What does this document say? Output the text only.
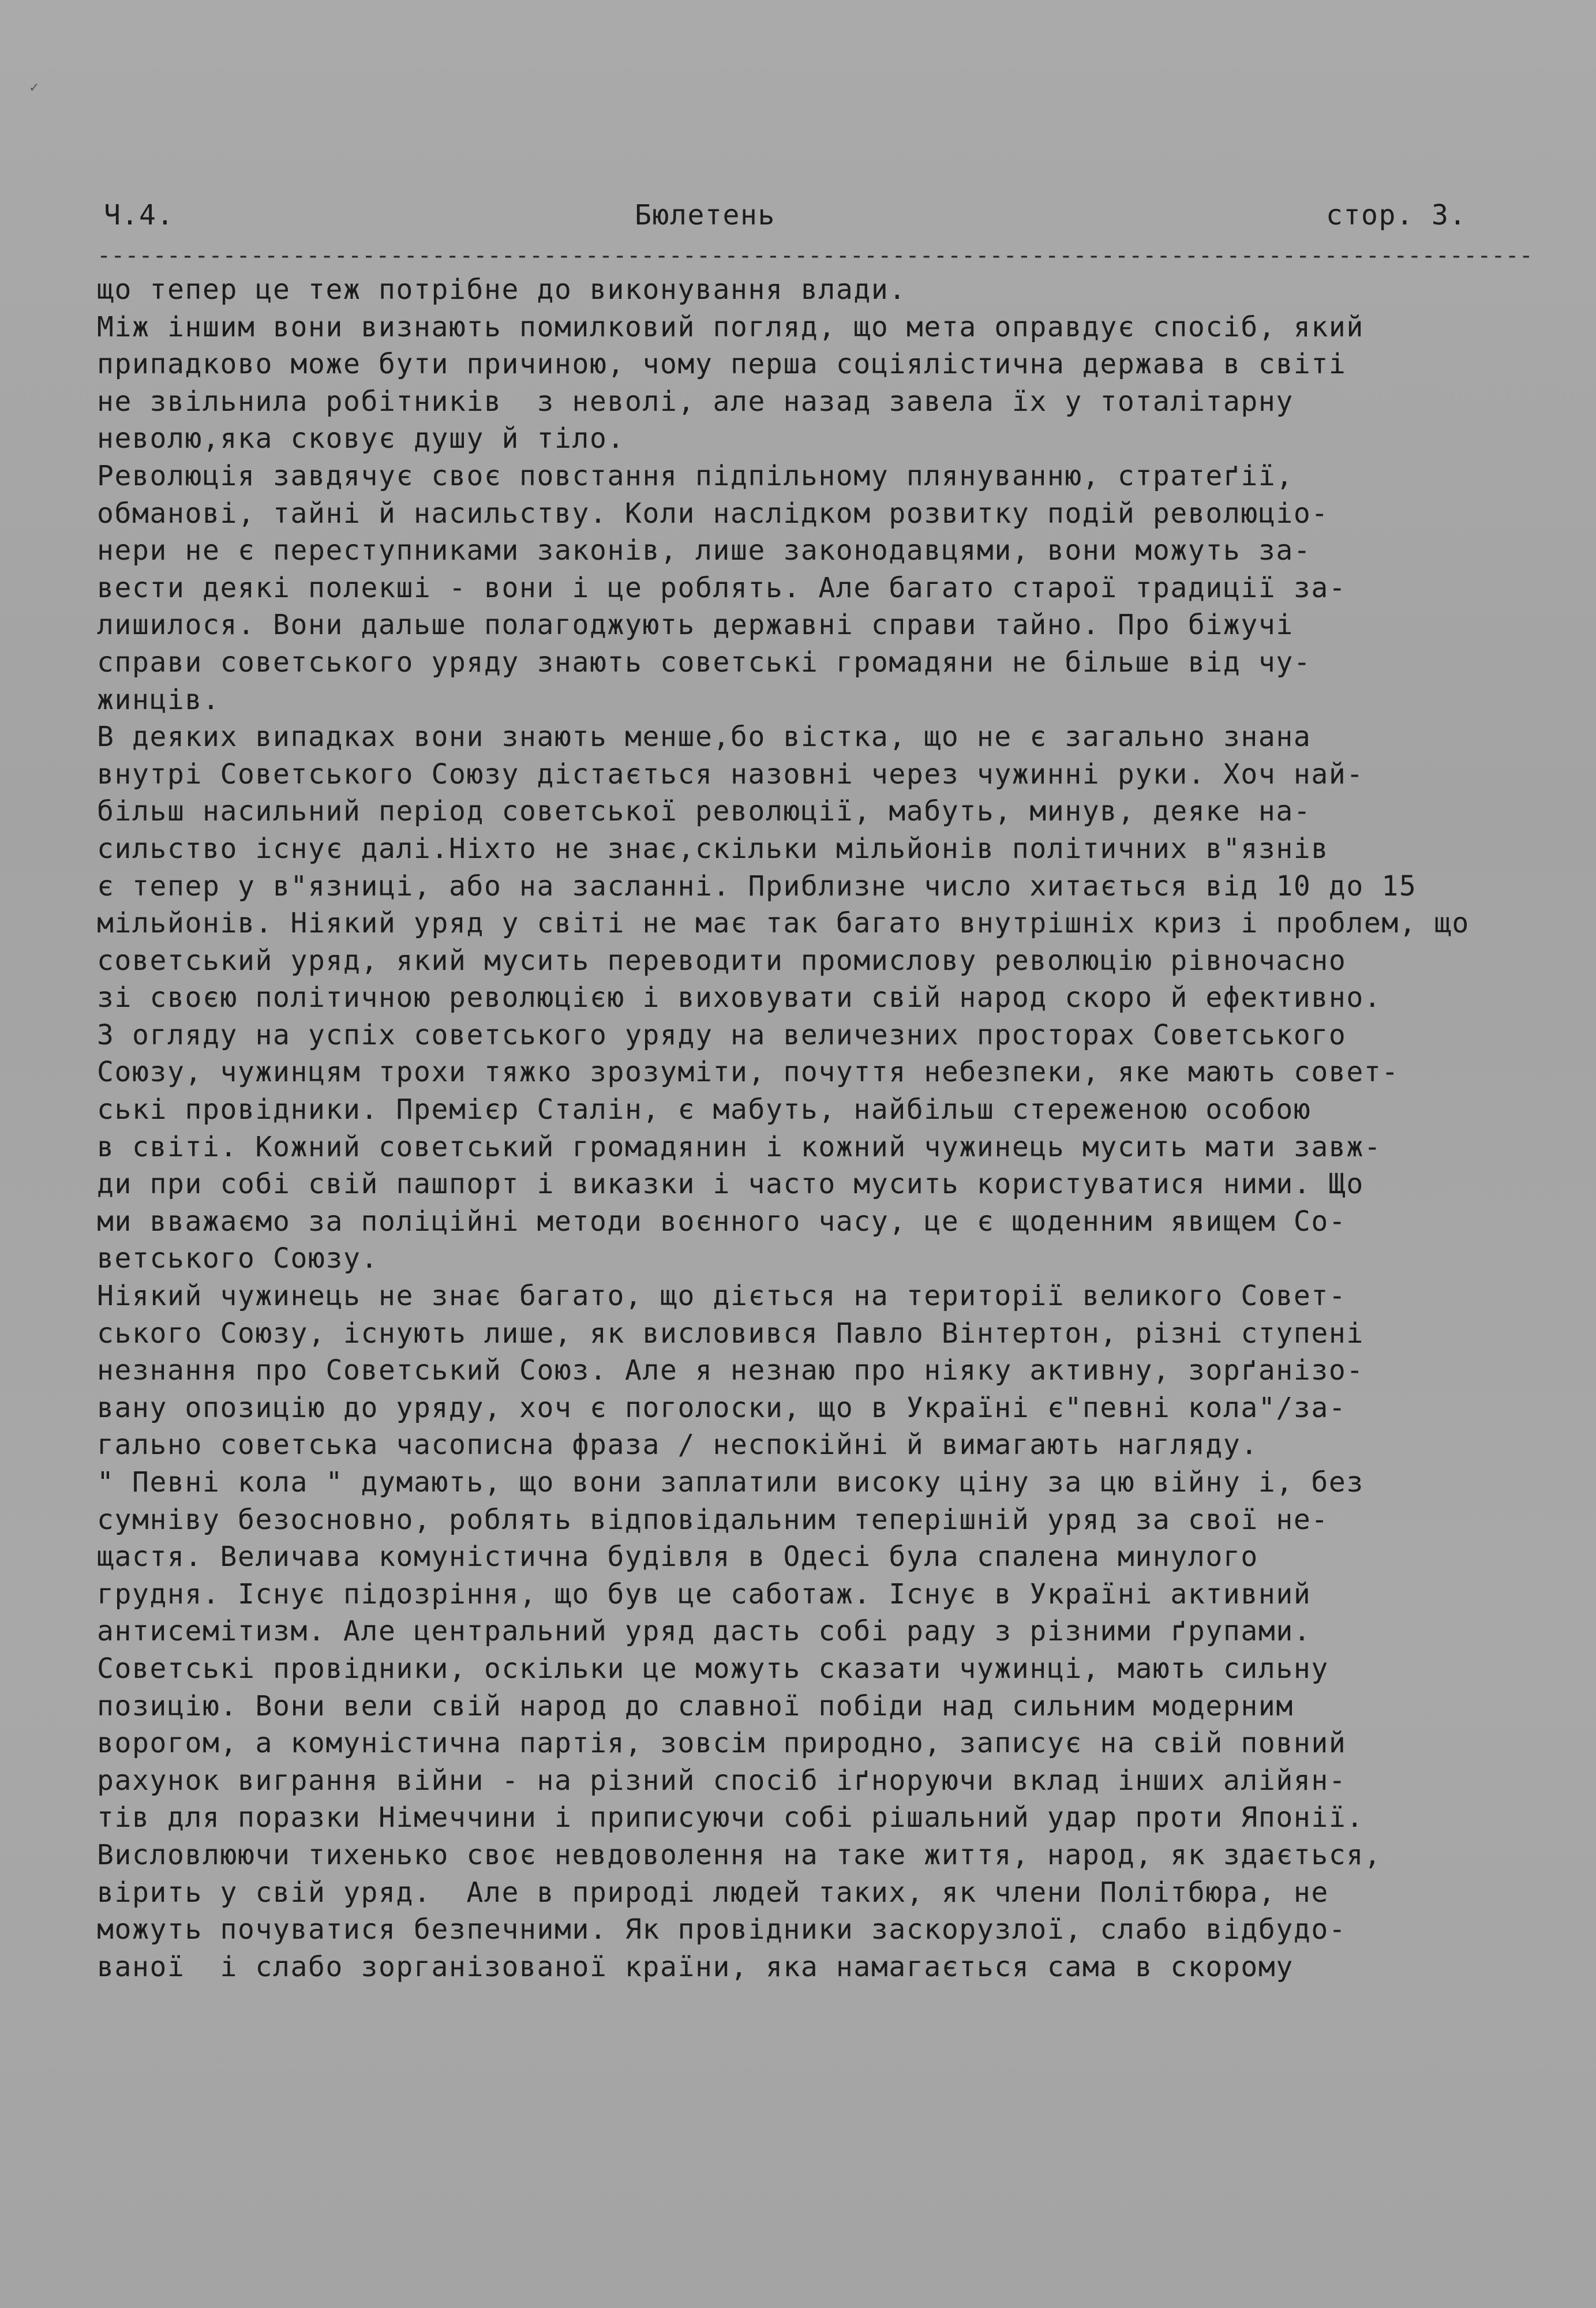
✓
Ч.4.	Бюлетень	стор. 3.
- - -
що тепер це теж потрібне до виконування влади.
Між іншим вони визнають помилковий погляд, що мета оправдує спосіб, який
припадково може бути причиною, чому перша соціялістична держава в світі
не звільнила робітників  з неволі, але назад завела їх у тоталітарну
неволю,яка сковує душу й тіло.
Революція завдячує своє повстання підпільному плянуванню, стратеґії,
обманові, тайні й насильству. Коли наслідком розвитку подій революціо-
нери не є переступниками законів, лише законодавцями, вони можуть за-
вести деякі полекші - вони і це роблять. Але багато старої традиції за-
лишилося. Вони дальше полагоджують державні справи тайно. Про біжучі
справи советського уряду знають советські громадяни не більше від чу-
жинців.
В деяких випадках вони знають менше,бо вістка, що не є загально знана
внутрі Советського Союзу дістається назовні через чужинні руки. Хоч най-
більш насильний період советської революції, мабуть, минув, деяке на-
сильство існує далі.Ніхто не знає,скільки мільйонів політичних в"язнів
є тепер у в"язниці, або на засланні. Приблизне число хитається від 10 до 15
мільйонів. Ніякий уряд у світі не має так багато внутрішніх криз і проблем, що
советський уряд, який мусить переводити промислову революцію рівночасно
зі своєю політичною революцією і виховувати свій народ скоро й ефективно.
З огляду на успіх советського уряду на величезних просторах Советського
Союзу, чужинцям трохи тяжко зрозуміти, почуття небезпеки, яке мають совет-
ські провідники. Премієр Сталін, є мабуть, найбільш стереженою особою
в світі. Кожний советський громадянин і кожний чужинець мусить мати завж-
ди при собі свій пашпорт і виказки і часто мусить користуватися ними. Що
ми вважаємо за поліційні методи воєнного часу, це є щоденним явищем Со-
ветського Союзу.
Ніякий чужинець не знає багато, що діється на території великого Совет-
ського Союзу, існують лише, як висловився Павло Вінтертон, різні ступені
незнання про Советський Союз. Але я незнаю про ніяку активну, зорґанізо-
вану опозицію до уряду, хоч є поголоски, що в Україні є"певні кола"/за-
гально советська часописна фраза / неспокійні й вимагають нагляду.
" Певні кола " думають, що вони заплатили високу ціну за цю війну і, без
сумніву безосновно, роблять відповідальним теперішній уряд за свої не-
щастя. Величава комуністична будівля в Одесі була спалена минулого
грудня. Існує підозріння, що був це саботаж. Існує в Україні активний
антисемітизм. Але центральний уряд дасть собі раду з різними ґрупами.
Советські провідники, оскільки це можуть сказати чужинці, мають сильну
позицію. Вони вели свій народ до славної побіди над сильним модерним
ворогом, а комуністична партія, зовсім природно, записує на свій повний
рахунок виграння війни - на різний спосіб іґноруючи вклад інших алійян-
тів для поразки Німеччини і приписуючи собі рішальний удар проти Японії.
Висловлюючи тихенько своє невдоволення на таке життя, народ, як здається,
вірить у свій уряд.  Але в природі людей таких, як члени Політбюра, не
можуть почуватися безпечними. Як провідники заскорузлої, слабо відбудо-
ваної  і слабо зорганізованої країни, яка намагається сама в скорому
